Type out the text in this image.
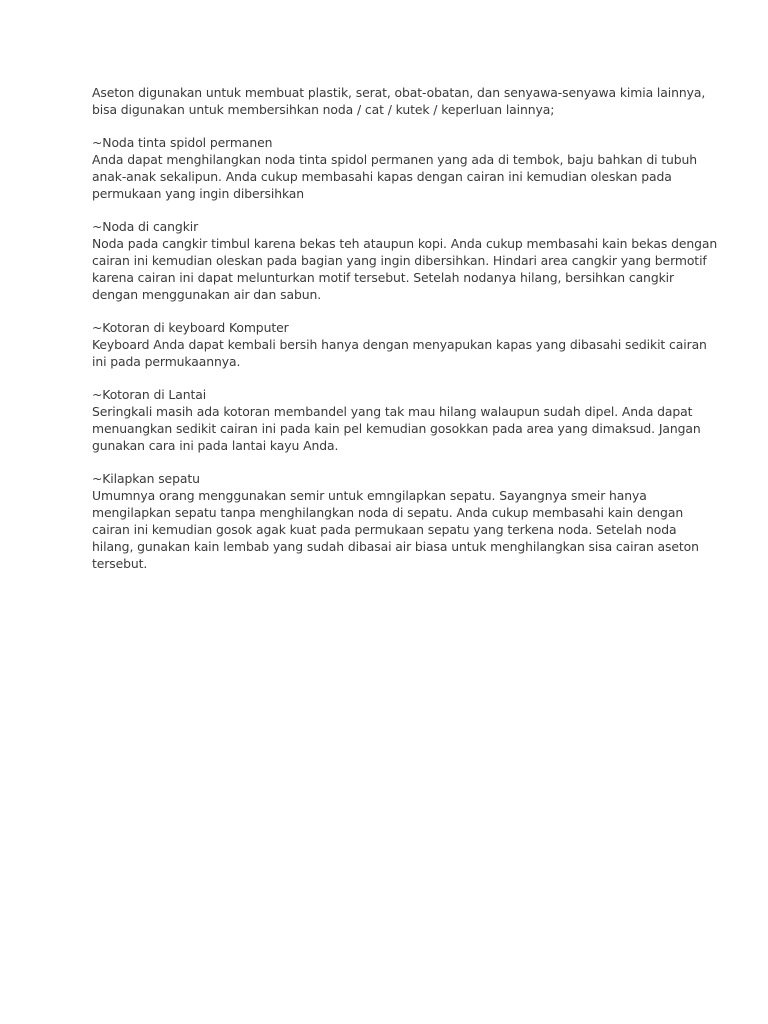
Aseton digunakan untuk membuat plastik, serat, obat-obatan, dan senyawa-senyawa kimia lainnya,
bisa digunakan untuk membersihkan noda / cat / kutek / keperluan lainnya;
~Noda tinta spidol permanen
Anda dapat menghilangkan noda tinta spidol permanen yang ada di tembok, baju bahkan di tubuh
anak-anak sekalipun. Anda cukup membasahi kapas dengan cairan ini kemudian oleskan pada
permukaan yang ingin dibersihkan
~Noda di cangkir
Noda pada cangkir timbul karena bekas teh ataupun kopi. Anda cukup membasahi kain bekas dengan
cairan ini kemudian oleskan pada bagian yang ingin dibersihkan. Hindari area cangkir yang bermotif
karena cairan ini dapat melunturkan motif tersebut. Setelah nodanya hilang, bersihkan cangkir
dengan menggunakan air dan sabun.
~Kotoran di keyboard Komputer
Keyboard Anda dapat kembali bersih hanya dengan menyapukan kapas yang dibasahi sedikit cairan
ini pada permukaannya.
~Kotoran di Lantai
Seringkali masih ada kotoran membandel yang tak mau hilang walaupun sudah dipel. Anda dapat
menuangkan sedikit cairan ini pada kain pel kemudian gosokkan pada area yang dimaksud. Jangan
gunakan cara ini pada lantai kayu Anda.
~Kilapkan sepatu
Umumnya orang menggunakan semir untuk emngilapkan sepatu. Sayangnya smeir hanya
mengilapkan sepatu tanpa menghilangkan noda di sepatu. Anda cukup membasahi kain dengan
cairan ini kemudian gosok agak kuat pada permukaan sepatu yang terkena noda. Setelah noda
hilang, gunakan kain lembab yang sudah dibasai air biasa untuk menghilangkan sisa cairan aseton
tersebut.
